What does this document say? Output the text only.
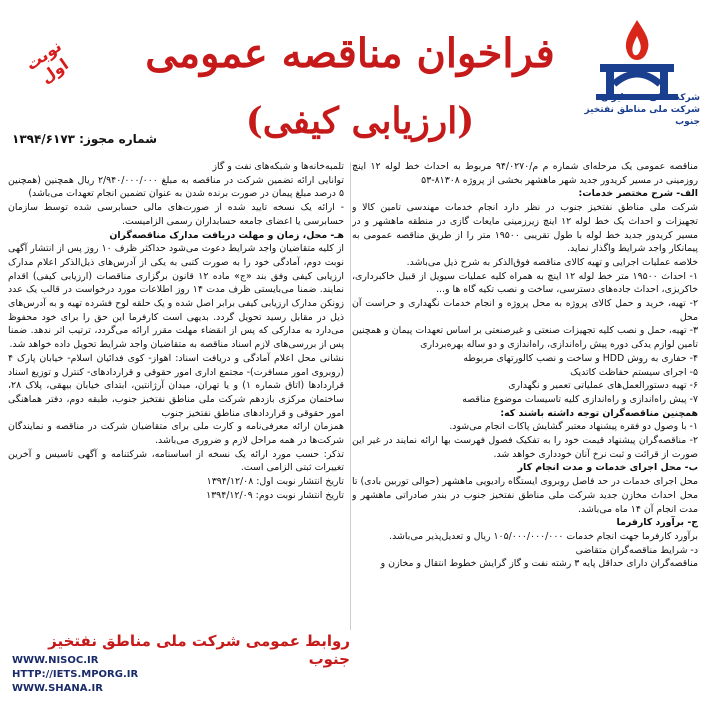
شرکت ملی نفت ایران
شرکت ملی مناطق نفتخیز جنوب
فراخوان مناقصه عمومی
(ارزیابی کیفی)
نوبت اول
شماره مجوز: ۱۳۹۴/۶۱۷۳

مناقصه عمومی یک مرحله‌ای شماره م م/۹۴/۰۲۷۰ مربوط به احداث خط لوله ۱۲ اینچ روزمینی در مسیر کریدور جدید شهر ماهشهر بخشی از پروژه ۸۱۳۰۸-۵۳

الف- شرح مختصر خدمات:

شرکت ملی مناطق نفتخیز جنوب در نظر دارد انجام خدمات مهندسی تامین کالا و تجهیزات و احداث یک خط لوله ۱۲ اینچ زیرزمینی مایعات گازی در منطقه ماهشهر و در مسیر کریدور جدید خط لوله با طول تقریبی ۱۹۵۰۰ متر را از طریق مناقصه عمومی به پیمانکار واجد شرایط واگذار نماید.

خلاصه عملیات اجرایی و تهیه کالای مناقصه فوق‌الذکر به شرح ذیل می‌باشد.

۱- احداث ۱۹۵۰۰ متر خط لوله ۱۲ اینچ به همراه کلیه عملیات سیویل از قبیل خاکبرداری، خاکریزی، احداث جاده‌های دسترسی، ساخت و نصب تکیه گاه ها و...

۲- تهیه، خرید و حمل کالای پروژه به محل پروژه و انجام خدمات نگهداری و حراست آن محل

۳- تهیه، حمل و نصب کلیه تجهیزات صنعتی و غیرصنعتی بر اساس تعهدات پیمان و همچنین تامین لوازم یدکی دوره پیش راه‌اندازی، راه‌اندازی و دو ساله بهره‌برداری

۴- حفاری به روش HDD و ساخت و نصب کالورتهای مربوطه

۵- اجرای سیستم حفاظت کاتدیک

۶- تهیه دستورالعمل‌های عملیاتی تعمیر و نگهداری

۷- پیش راه‌اندازی و راه‌اندازی کلیه تاسیسات موضوع مناقصه

همچنین مناقصه‌گران توجه داشته باشند که:

۱- با وصول دو فقره پیشنهاد معتبر گشایش پاکات انجام می‌شود.

۲- مناقصه‌گران پیشنهاد قیمت خود را به تفکیک فصول فهرست بها ارائه نمایند در غیر این صورت از قرائت و ثبت نرخ آنان خودداری خواهد شد.

ب- محل اجرای خدمات و مدت انجام کار

محل اجرای خدمات در حد فاصل روبروی ایستگاه رادیویی ماهشهر (حوالی توربین بادی) تا محل احداث مخازن جدید شرکت ملی مناطق نفتخیز جنوب در بندر صادراتی ماهشهر و مدت انجام آن ۱۴ ماه می‌باشد.

ج- برآورد کارفرما

برآورد کارفرما جهت انجام خدمات ۱۰۵/۰۰۰/۰۰۰/۰۰۰ ریال و تعدیل‌پذیر می‌باشد.

د- شرایط مناقصه‌گران متقاضی

مناقصه‌گران دارای حداقل پایه ۳ رشته نفت و گاز گرایش خطوط انتقال و مخازن و

تلمبه‌خانه‌ها و شبکه‌های نفت و گاز

توانایی ارائه تضمین شرکت در مناقصه به مبلغ ۲/۹۴۰/۰۰۰/۰۰۰ ریال همچنین (همچنین ۵ درصد مبلغ پیمان در صورت برنده شدن به عنوان تضمین انجام تعهدات می‌باشد)

- ارائه یک نسخه تایید شده از صورت‌های مالی حسابرسی شده توسط سازمان حسابرسی یا اعضای جامعه حسابداران رسمی الزامیست.

هـ- محل، زمان و مهلت دریافت مدارک مناقصه‌گران

از کلیه متقاضیان واجد شرایط دعوت می‌شود حداکثر ظرف ۱۰ روز پس از انتشار آگهی نوبت دوم، آمادگی خود را به صورت کتبی به یکی از آدرس‌های ذیل‌الذکر اعلام مدارک ارزیابی کیفی وفق بند «ج» ماده ۱۲ قانون برگزاری مناقصات (ارزیابی کیفی) اقدام نمایند. ضمنا می‌بایستی ظرف مدت ۱۴ روز اطلاعات مورد درخواست در قالب یک عدد زونکن مدارک ارزیابی کیفی برابر اصل شده و یک حلقه لوح فشرده تهیه و به آدرس‌های ذیل در مقابل رسید تحویل گردد. بدیهی است کارفرما این حق را برای خود محفوظ می‌دارد به مدارکی که پس از انقضاء مهلت مقرر ارائه می‌گردد، ترتیب اثر ندهد. ضمنا پس از بررسی‌های لازم اسناد مناقصه به متقاضیان واجد شرایط تحویل داده خواهد شد.

نشانی محل اعلام آمادگی و دریافت اسناد: اهواز- کوی فدائیان اسلام- خیابان پارک ۴ (روبروی امور مسافرت)- مجتمع اداری امور حقوقی و قراردادهای- کنترل و توزیع اسناد قراردادها (اتاق شماره ۱) و یا تهران، میدان آرژانتین، ابتدای خیابان بیهقی، پلاک ۲۸، ساختمان مرکزی بازدهم شرکت ملی مناطق نفتخیز جنوب، طبقه دوم، دفتر هماهنگی امور حقوقی و قراردادهای مناطق نفتخیز جنوب

همزمان ارائه معرفی‌نامه و کارت ملی برای متقاضیان شرکت در مناقصه و نمایندگان شرکت‌ها در همه مراحل لازم و ضروری می‌باشد.

تذکر: حسب مورد ارائه یک نسخه از اساسنامه، شرکتنامه و آگهی تاسیس و آخرین تغییرات ثبتی الزامی است.

تاریخ انتشار نوبت اول: ۱۳۹۴/۱۲/۰۸

تاریخ انتشار نوبت دوم: ۱۳۹۴/۱۲/۰۹

روابط عمومی شرکت ملی مناطق نفتخیز جنوب
WWW.NISOC.IR
HTTP://IETS.MPORG.IR
WWW.SHANA.IR
